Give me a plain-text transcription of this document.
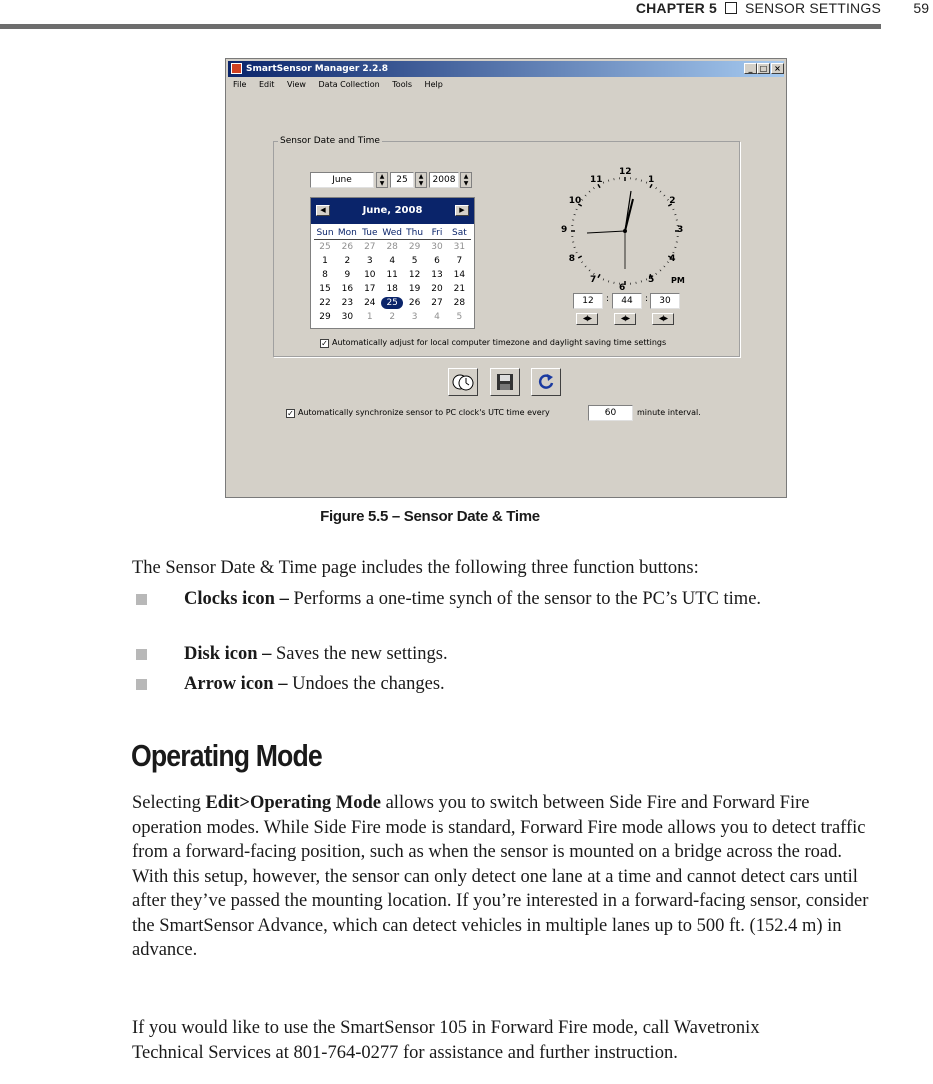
CHAPTER 5 SENSOR SETTINGS 59
SmartSensor Manager 2.2.8	_ □ ×
File Edit View Data Collection Tools Help
Sensor Date and Time
June	▲
▼	25	▲
▼	2008	▲
▼
◀	June, 2008	▶
Sun Mon Tue Wed Thu Fri	Sat
25	26	27	28	29	30	31
1	2	3	4	5	6	7
8	9	10	11	12	13	14
15	16	17	18	19	20	21
22	23	24	25	26	27	28
29	30	1	2	3	4	5
12
1
2
3
4
5
6
7
8
9
10
11
PM
12	:	44	:	30
◀|▶	◀|▶	◀|▶
✓ Automatically adjust for local computer timezone and daylight saving time settings
✓ Automatically synchronize sensor to PC clock's UTC time every	60	minute interval.
Figure 5.5 – Sensor Date & Time
The Sensor Date & Time page includes the following three function buttons:
Clocks icon – Performs a one-time synch of the sensor to the PC’s UTC time.
Disk icon – Saves the new settings.
Arrow icon – Undoes the changes.
Operating Mode
Selecting Edit>Operating Mode allows you to switch between Side Fire and Forward Fire operation modes. While Side Fire mode is standard, Forward Fire mode allows you to detect traffic from a forward-facing position, such as when the sensor is mounted on a bridge across the road. With this setup, however, the sensor can only detect one lane at a time and cannot detect cars until after they’ve passed the mounting location. If you’re interested in a forward-facing sensor, consider the SmartSensor Advance, which can detect vehicles in multiple lanes up to 500 ft. (152.4 m) in advance.
If you would like to use the SmartSensor 105 in Forward Fire mode, call Wavetronix Technical Services at 801-764-0277 for assistance and further instruction.
